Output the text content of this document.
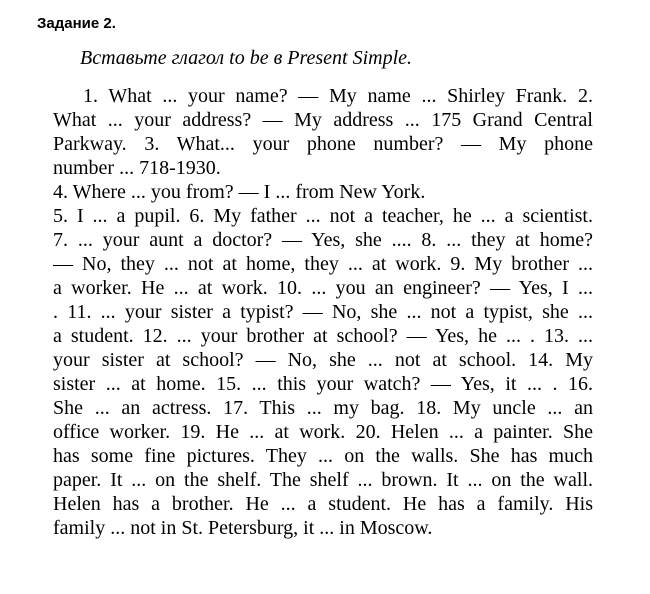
Задание 2.

Вставьте глагол to be в Present Simple.

1. What ... your name? — My name ... Shirley Frank. 2.
What ... your address? — My address ... 175 Grand Central
Parkway. 3. What... your phone number? — My phone
number ... 718-1930.
4. Where ... you from? — I ... from New York.
5. I ... a pupil. 6. My father ... not a teacher, he ... a scientist.
7. ... your aunt a doctor? — Yes, she .... 8. ... they at home?
— No, they ... not at home, they ... at work. 9. My brother ...
a worker. He ... at work. 10. ... you an engineer? — Yes, I ...
. 11. ... your sister a typist? — No, she ... not a typist, she ...
a student. 12. ... your brother at school? — Yes, he ... . 13. ...
your sister at school? — No, she ... not at school. 14. My
sister ... at home. 15. ... this your watch? — Yes, it ... . 16.
She ... an actress. 17. This ... my bag. 18. My uncle ... an
office worker. 19. He ... at work. 20. Helen ... a painter. She
has some fine pictures. They ... on the walls. She has much
paper. It ... on the shelf. The shelf ... brown. It ... on the wall.
Helen has a brother. He ... a student. He has a family. His
family ... not in St. Petersburg, it ... in Moscow.
